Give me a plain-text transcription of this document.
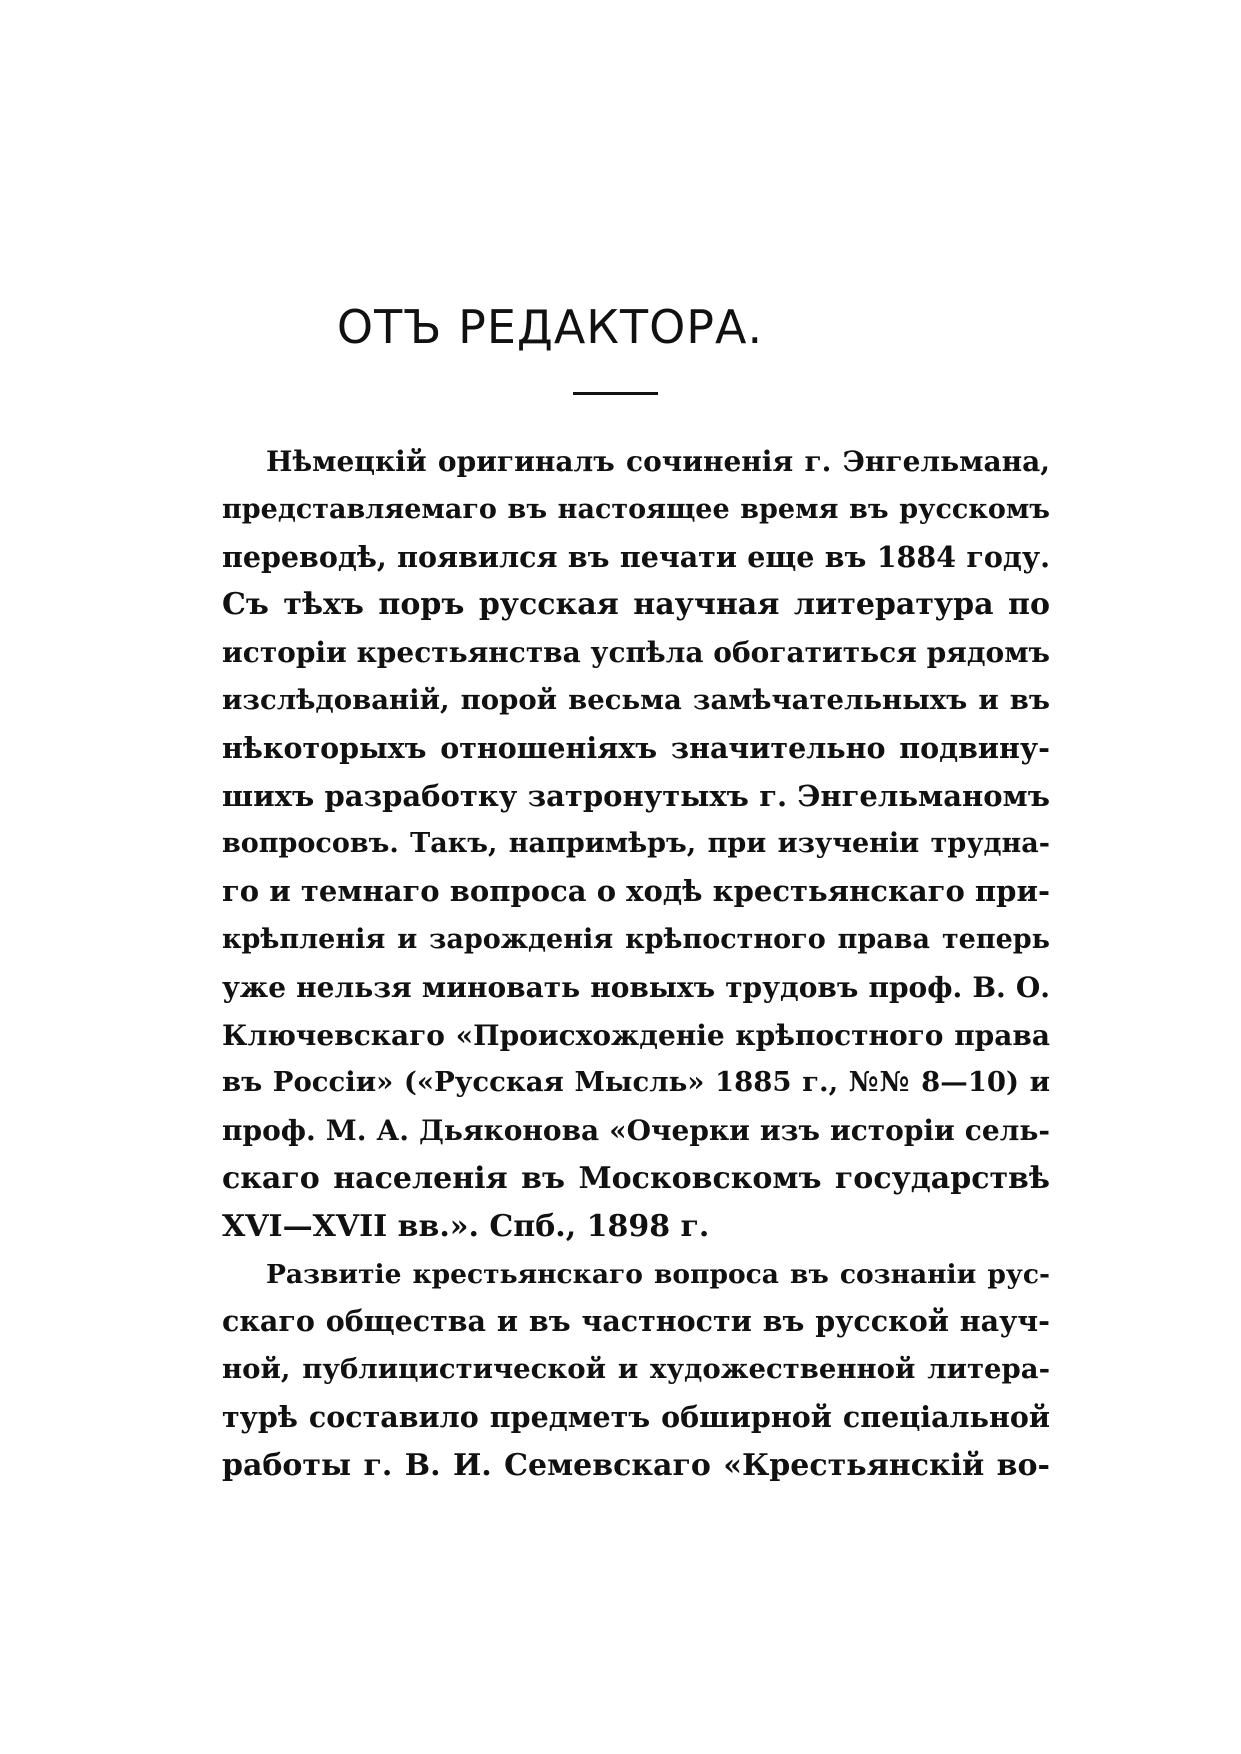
ОТЪ РЕДАКТОРА.
Нѣмецкій оригиналъ сочиненія г. Энгельмана,
представляемаго въ настоящее время въ русскомъ
переводѣ, появился въ печати еще въ 1884 году.
Съ тѣхъ поръ русская научная литература по
исторіи крестьянства успѣла обогатиться рядомъ
изслѣдованій, порой весьма замѣчательныхъ и въ
нѣкоторыхъ отношеніяхъ значительно подвину-
шихъ разработку затронутыхъ г. Энгельманомъ
вопросовъ. Такъ, напримѣръ, при изученіи трудна-
го и темнаго вопроса о ходѣ крестьянскаго при-
крѣпленія и зарожденія крѣпостного права теперь
уже нельзя миновать новыхъ трудовъ проф. В. О.
Ключевскаго «Происхожденіе крѣпостного права
въ Россіи» («Русская Мысль» 1885 г., №№ 8—10) и
проф. М. А. Дьяконова «Очерки изъ исторіи сель-
скаго населенія въ Московскомъ государствѣ
XVI—XVII вв.». Спб., 1898 г.
Развитіе крестьянскаго вопроса въ сознаніи рус-
скаго общества и въ частности въ русской науч-
ной, публицистической и художественной литера-
турѣ составило предметъ обширной спеціальной
работы г. В. И. Семевскаго «Крестьянскій во-
